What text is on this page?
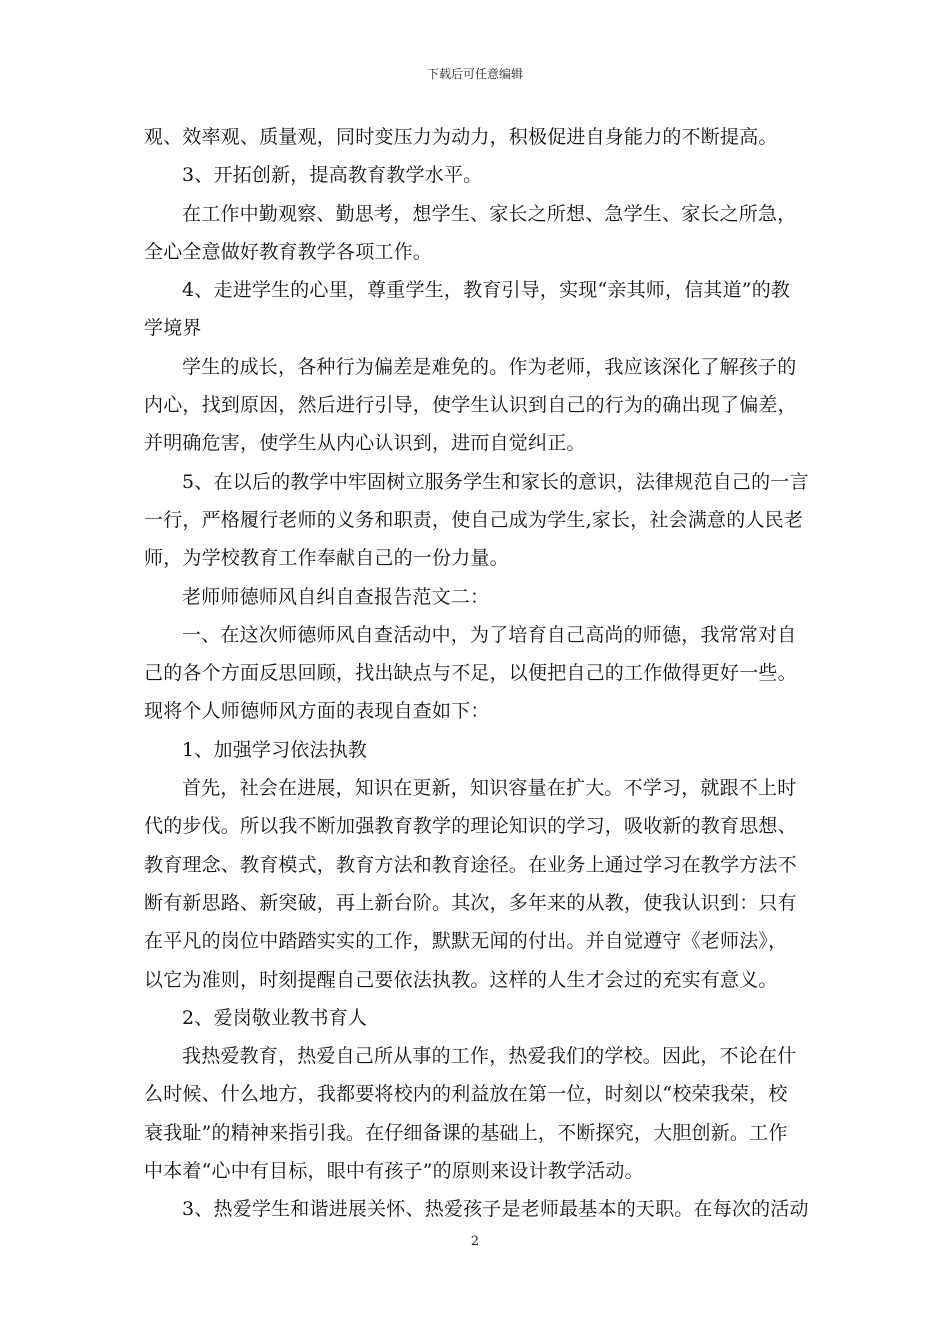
下载后可任意编辑
观、效率观、质量观，同时变压力为动力，积极促进自身能力的不断提高。
3、开拓创新，提高教育教学水平。
在工作中勤观察、勤思考，想学生、家长之所想、急学生、家长之所急，
全心全意做好教育教学各项工作。
4、走进学生的心里，尊重学生，教育引导，实现“亲其师，信其道”的教
学境界
学生的成长，各种行为偏差是难免的。作为老师，我应该深化了解孩子的
内心，找到原因，然后进行引导，使学生认识到自己的行为的确出现了偏差，
并明确危害，使学生从内心认识到，进而自觉纠正。
5、在以后的教学中牢固树立服务学生和家长的意识，法律规范自己的一言
一行，严格履行老师的义务和职责，使自己成为学生,家长，社会满意的人民老
师，为学校教育工作奉献自己的一份力量。
老师师德师风自纠自查报告范文二：
一、在这次师德师风自查活动中，为了培育自己高尚的师德，我常常对自
己的各个方面反思回顾，找出缺点与不足，以便把自己的工作做得更好一些。
现将个人师德师风方面的表现自查如下：
1、加强学习依法执教
首先，社会在进展，知识在更新，知识容量在扩大。不学习，就跟不上时
代的步伐。所以我不断加强教育教学的理论知识的学习，吸收新的教育思想、
教育理念、教育模式，教育方法和教育途径。在业务上通过学习在教学方法不
断有新思路、新突破，再上新台阶。其次，多年来的从教，使我认识到：只有
在平凡的岗位中踏踏实实的工作，默默无闻的付出。并自觉遵守《老师法》，
以它为准则，时刻提醒自己要依法执教。这样的人生才会过的充实有意义。
2、爱岗敬业教书育人
我热爱教育，热爱自己所从事的工作，热爱我们的学校。因此，不论在什
么时候、什么地方，我都要将校内的利益放在第一位，时刻以“校荣我荣，校
衰我耻”的精神来指引我。在仔细备课的基础上，不断探究，大胆创新。工作
中本着“心中有目标，眼中有孩子”的原则来设计教学活动。
3、热爱学生和谐进展关怀、热爱孩子是老师最基本的天职。在每次的活动
2
